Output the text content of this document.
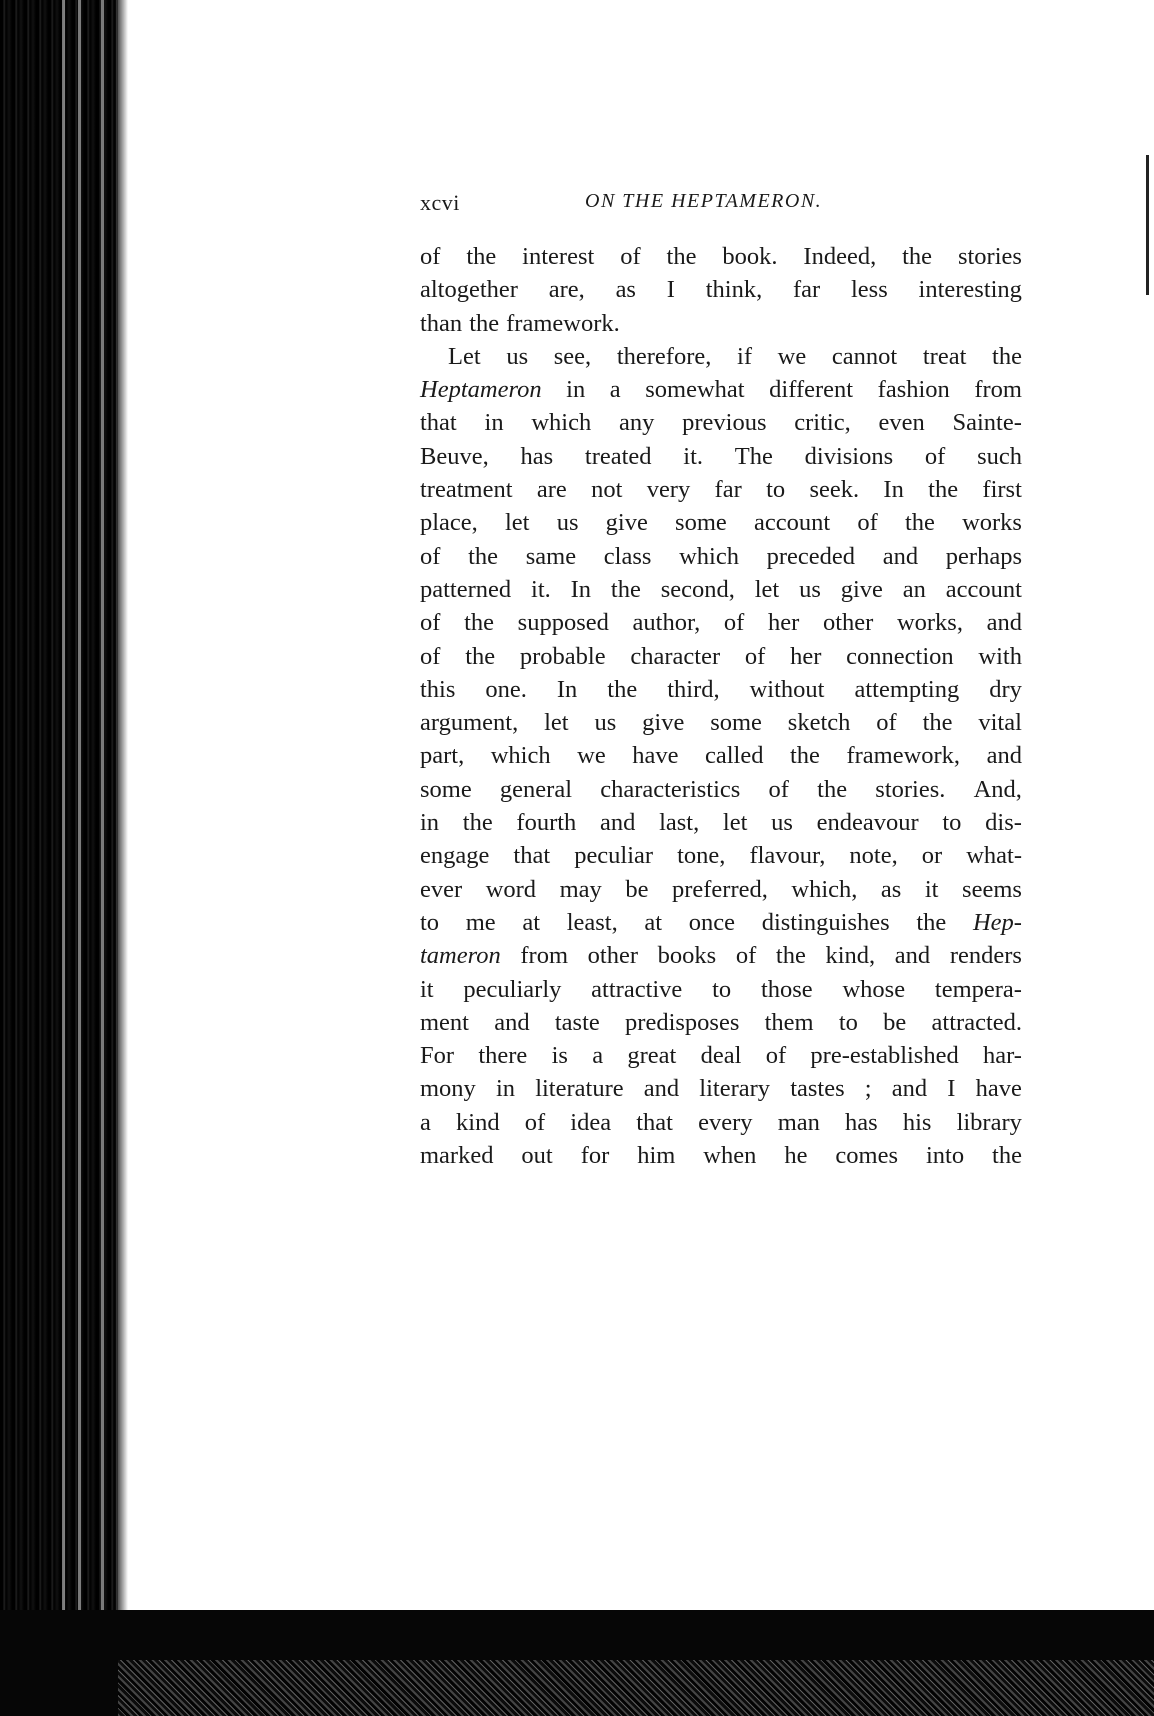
xcvi	ON THE HEPTAMERON.
of the interest of the book. Indeed, the stories
altogether are, as I think, far less interesting
than the framework.
Let us see, therefore, if we cannot treat the
Heptameron in a somewhat different fashion from
that in which any previous critic, even Sainte-
Beuve, has treated it. The divisions of such
treatment are not very far to seek. In the first
place, let us give some account of the works
of the same class which preceded and perhaps
patterned it. In the second, let us give an account
of the supposed author, of her other works, and
of the probable character of her connection with
this one. In the third, without attempting dry
argument, let us give some sketch of the vital
part, which we have called the framework, and
some general characteristics of the stories. And,
in the fourth and last, let us endeavour to dis-
engage that peculiar tone, flavour, note, or what-
ever word may be preferred, which, as it seems
to me at least, at once distinguishes the Hep-
tameron from other books of the kind, and renders
it peculiarly attractive to those whose tempera-
ment and taste predisposes them to be attracted.
For there is a great deal of pre-established har-
mony in literature and literary tastes ; and I have
a kind of idea that every man has his library
marked out for him when he comes into the
